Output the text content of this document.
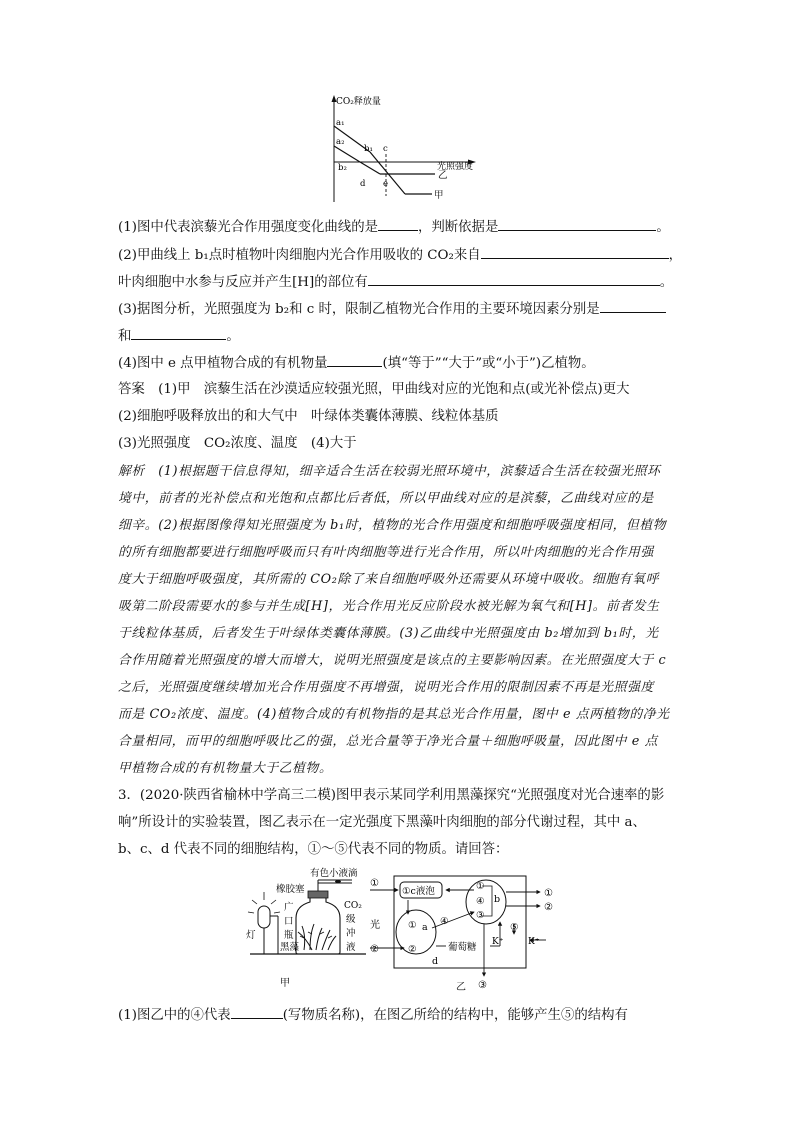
CO₂释放量
a₁
a₂
b₁ c
b₂	光照强度
乙
d e
甲
(1)图中代表滨藜光合作用强度变化曲线的是	，判断依据是	。
(2)甲曲线上 b₁点时植物叶肉细胞内光合作用吸收的 CO₂来自	，
叶肉细胞中水参与反应并产生[H]的部位有	。
(3)据图分析，光照强度为 b₂和 c 时，限制乙植物光合作用的主要环境因素分别是
和	。
(4)图中 e 点甲植物合成的有机物量	(填“等于”“大于”或“小于”)乙植物。
答案　(1)甲　滨藜生活在沙漠适应较强光照，甲曲线对应的光饱和点(或光补偿点)更大
(2)细胞呼吸释放出的和大气中　叶绿体类囊体薄膜、线粒体基质
(3)光照强度　CO₂浓度、温度　(4)大于
解析　(1)根据题干信息得知，细辛适合生活在较弱光照环境中，滨藜适合生活在较强光照环
境中，前者的光补偿点和光饱和点都比后者低，所以甲曲线对应的是滨藜，乙曲线对应的是
细辛。(2)根据图像得知光照强度为 b₁时，植物的光合作用强度和细胞呼吸强度相同，但植物
的所有细胞都要进行细胞呼吸而只有叶肉细胞等进行光合作用，所以叶肉细胞的光合作用强
度大于细胞呼吸强度，其所需的 CO₂除了来自细胞呼吸外还需要从环境中吸收。细胞有氧呼
吸第二阶段需要水的参与并生成[H]，光合作用光反应阶段水被光解为氧气和[H]。前者发生
于线粒体基质，后者发生于叶绿体类囊体薄膜。(3)乙曲线中光照强度由 b₂增加到 b₁时，光
合作用随着光照强度的增大而增大，说明光照强度是该点的主要影响因素。在光照强度大于 c
之后，光照强度继续增加光合作用强度不再增强，说明光合作用的限制因素不再是光照强度
而是 CO₂浓度、温度。(4)植物合成的有机物指的是其总光合作用量，图中 e 点两植物的净光
合量相同，而甲的细胞呼吸比乙的强，总光合量等于净光合量＋细胞呼吸量，因此图中 e 点
甲植物合成的有机物量大于乙植物。
3．(2020·陕西省榆林中学高三二模)图甲表示某同学利用黑藻探究“光照强度对光合速率的影
响”所设计的实验装置，图乙表示在一定光强度下黑藻叶肉细胞的部分代谢过程，其中 a、
b、c、d 代表不同的细胞结构，①～⑤代表不同的物质。请回答：
有色小液滴
橡胶塞
CO₂
级
冲
液
广
口
瓶
灯
黑藻
甲
①
①c液泡	①
④
③
b
①
②
光	① a
④
⑤
②	②	葡萄糖 K⁺	K⁺
d
③
乙
(1)图乙中的④代表	(写物质名称)，在图乙所给的结构中，能够产生⑤的结构有
